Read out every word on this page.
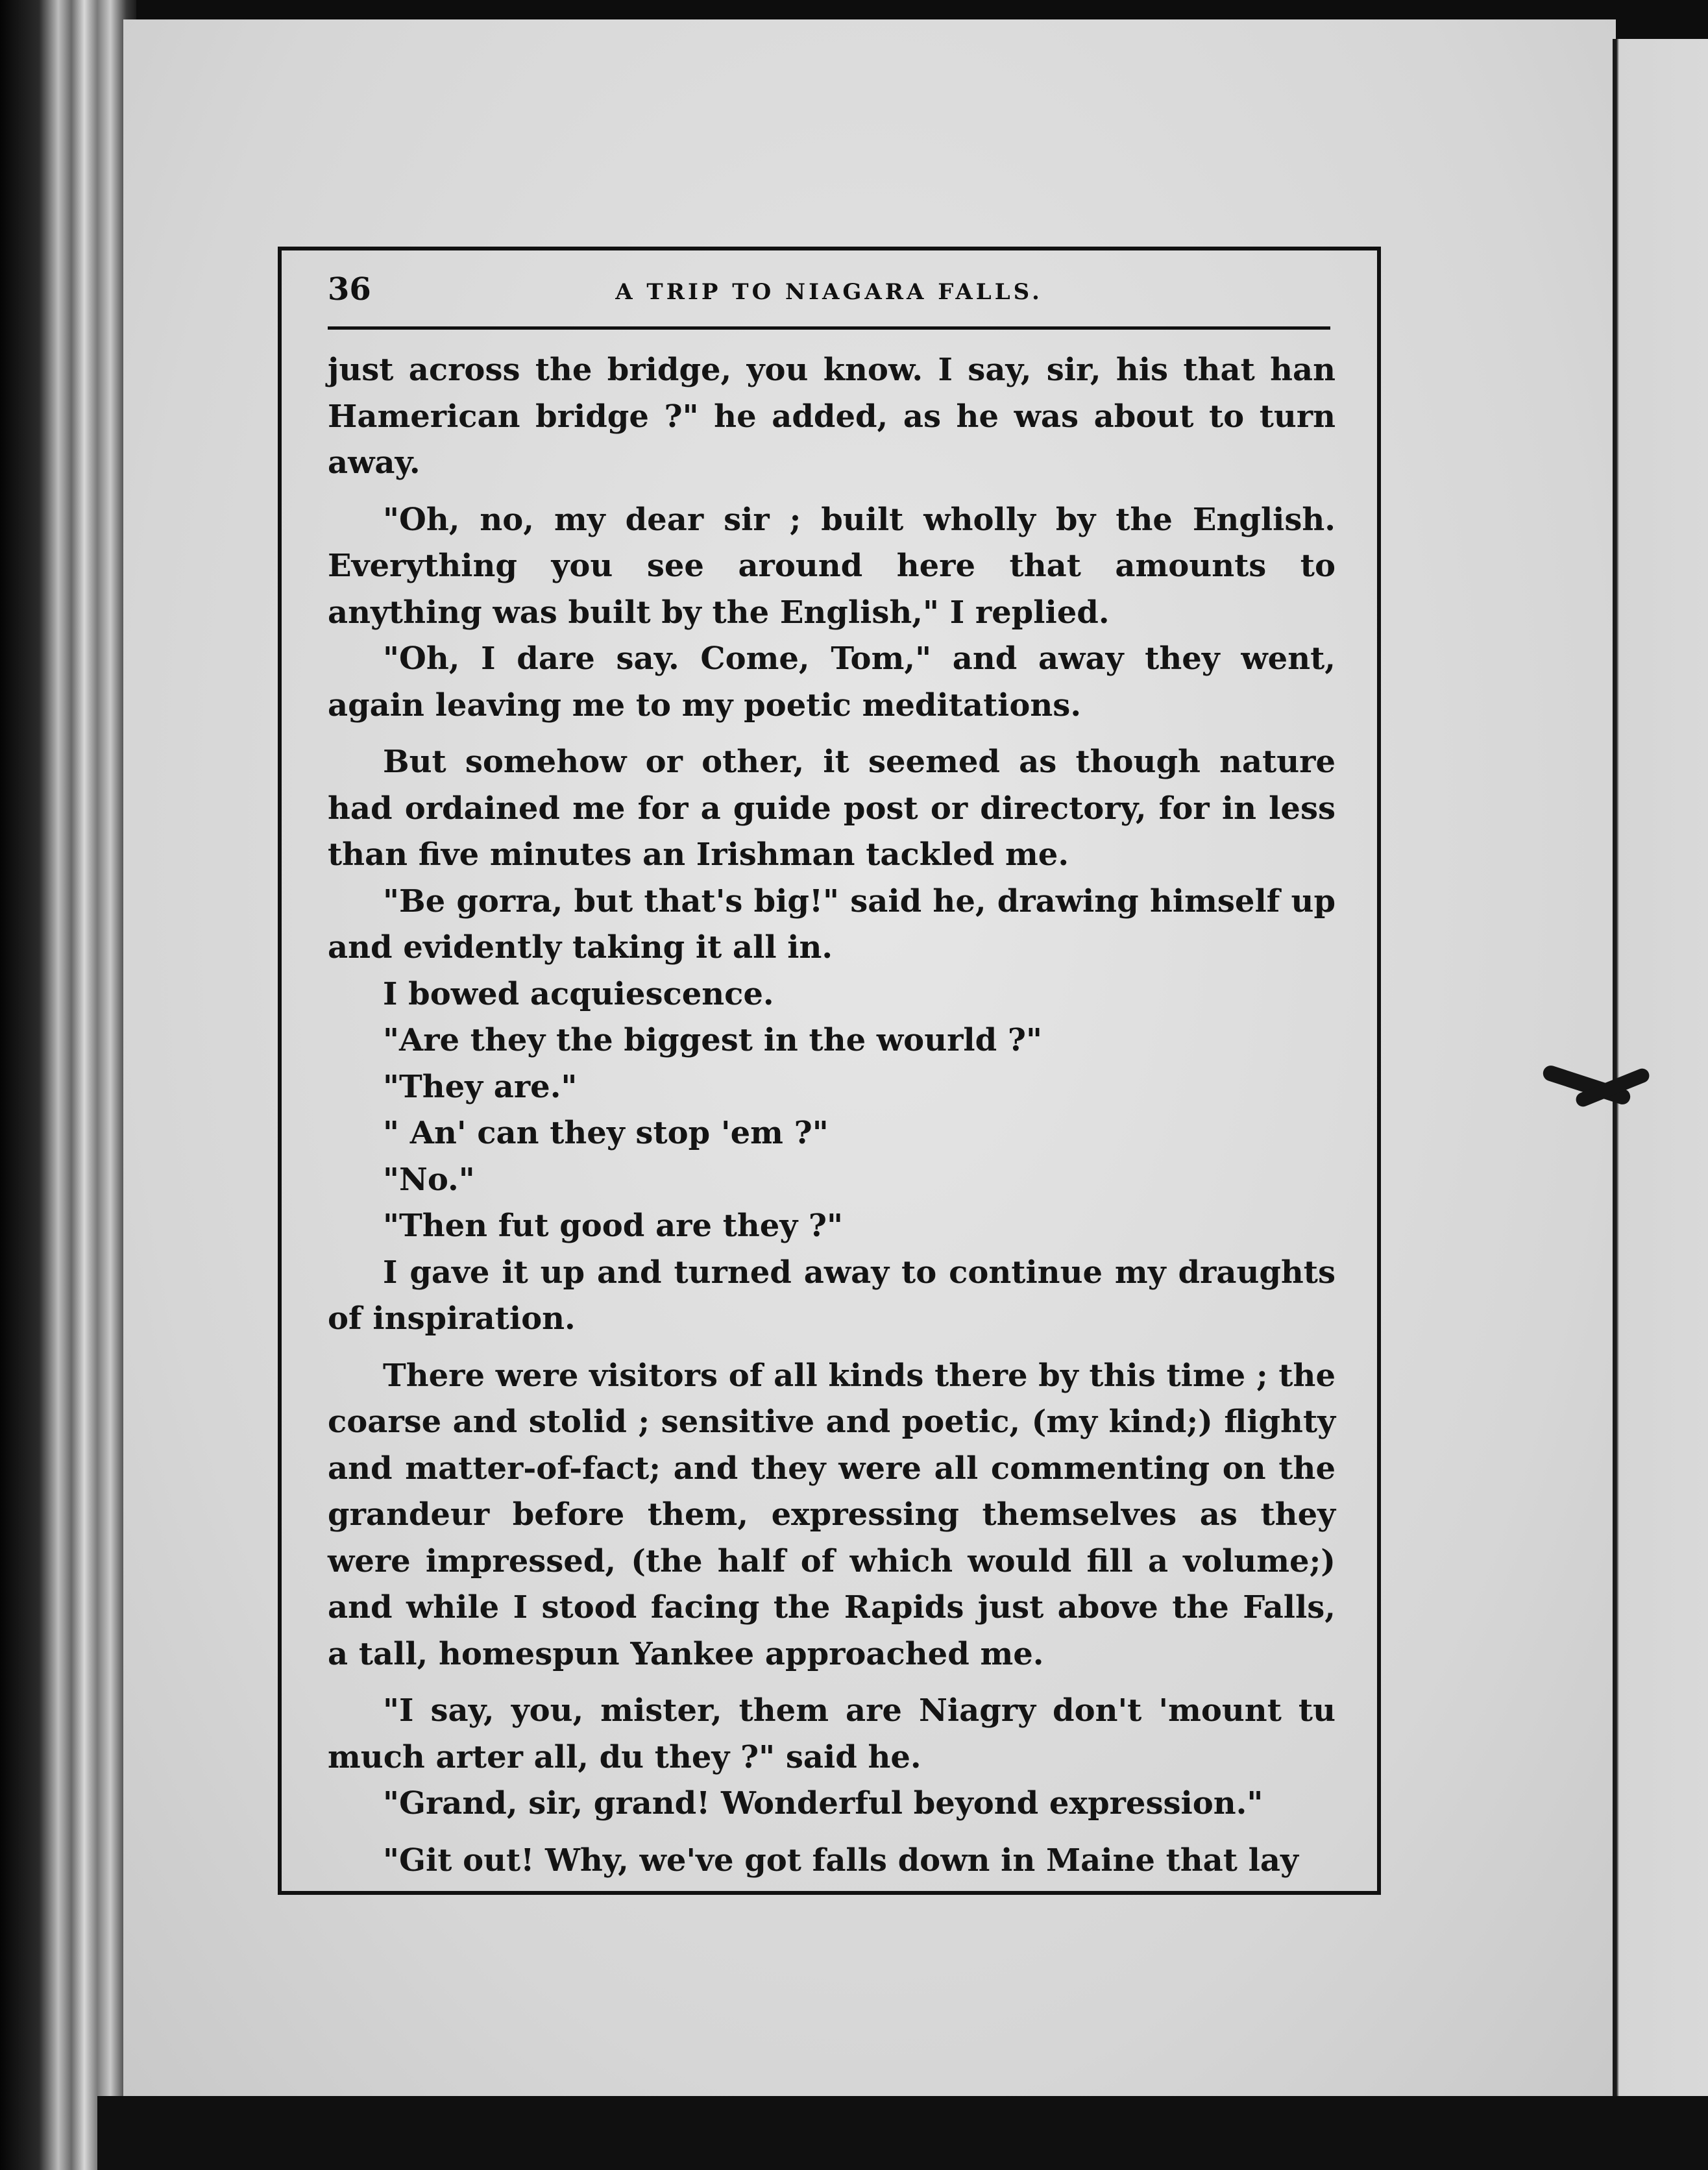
36	A TRIP TO NIAGARA FALLS.

just across the bridge, you know. I say, sir, his that han Hamerican bridge ?" he added, as he was about to turn away.

"Oh, no, my dear sir ; built wholly by the English. Everything you see around here that amounts to anything was built by the English," I replied.

"Oh, I dare say. Come, Tom," and away they went, again leaving me to my poetic meditations.

But somehow or other, it seemed as though nature had ordained me for a guide post or directory, for in less than five minutes an Irishman tackled me.

"Be gorra, but that's big!" said he, drawing himself up and evidently taking it all in.

I bowed acquiescence.

"Are they the biggest in the wourld ?"

"They are."

" An' can they stop 'em ?"

"No."

"Then fut good are they ?"

I gave it up and turned away to continue my draughts of inspiration.

There were visitors of all kinds there by this time ; the coarse and stolid ; sensitive and poetic, (my kind;) flighty and matter-of-fact; and they were all commenting on the grandeur before them, expressing themselves as they were impressed, (the half of which would fill a volume;) and while I stood facing the Rapids just above the Falls, a tall, homespun Yankee approached me.

"I say, you, mister, them are Niagry don't 'mount tu much arter all, du they ?" said he.

"Grand, sir, grand! Wonderful beyond expression."

"Git out! Why, we've got falls down in Maine that lay
